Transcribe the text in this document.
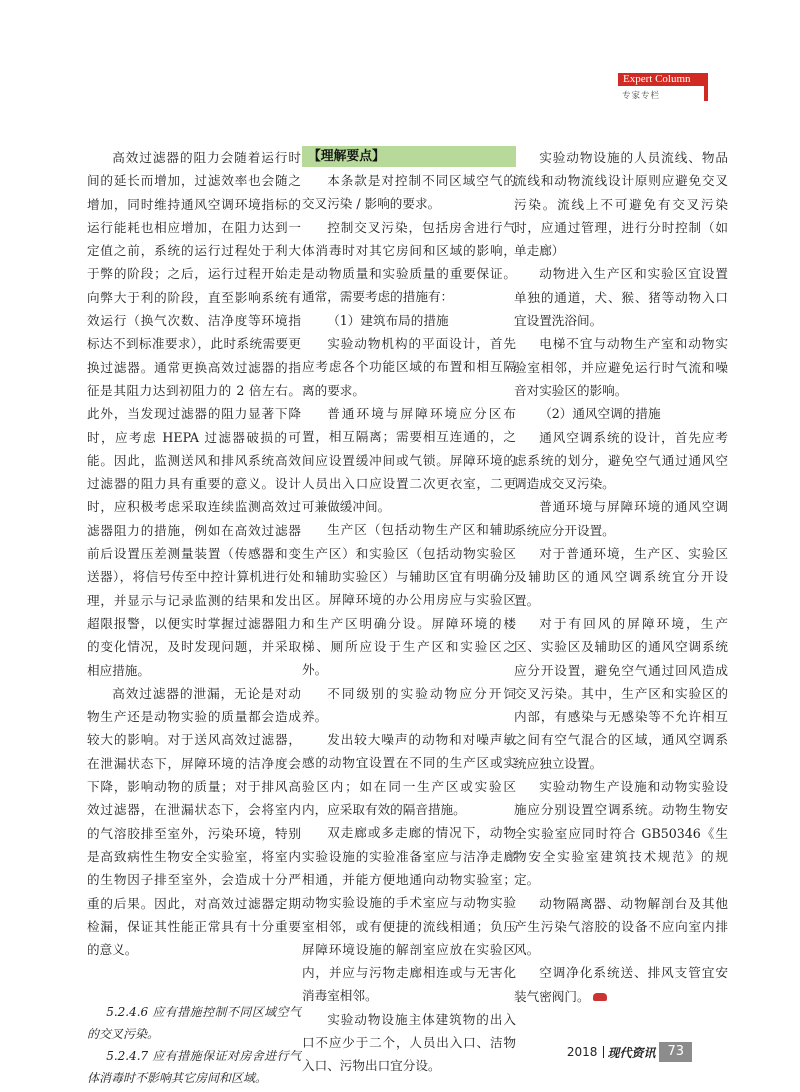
Expert Column
专家专栏

高效过滤器的阻力会随着运行时间的延长而增加，过滤效率也会随之增加，同时维持通风空调环境指标的运行能耗也相应增加，在阻力达到一定值之前，系统的运行过程处于利大于弊的阶段；之后，运行过程开始走向弊大于利的阶段，直至影响系统有效运行（换气次数、洁净度等环境指标达不到标准要求），此时系统需要更换过滤器。通常更换高效过滤器的指征是其阻力达到初阻力的 2 倍左右。此外，当发现过滤器的阻力显著下降时，应考虑 HEPA 过滤器破损的可能。因此，监测送风和排风系统高效过滤器的阻力具有重要的意义。设计时，应积极考虑采取连续监测高效过滤器阻力的措施，例如在高效过滤器前后设置压差测量装置（传感器和变送器），将信号传至中控计算机进行处理，并显示与记录监测的结果和发出超限报警，以便实时掌握过滤器阻力的变化情况，及时发现问题，并采取相应措施。

高效过滤器的泄漏，无论是对动物生产还是动物实验的质量都会造成较大的影响。对于送风高效过滤器，在泄漏状态下，屏障环境的洁净度会下降，影响动物的质量；对于排风高效过滤器，在泄漏状态下，会将室内的气溶胶排至室外，污染环境，特别是高致病性生物安全实验室，将室内的生物因子排至室外，会造成十分严重的后果。因此，对高效过滤器定期检漏，保证其性能正常具有十分重要的意义。

5.2.4.6 应有措施控制不同区域空气的交叉污染。

5.2.4.7 应有措施保证对房舍进行气体消毒时不影响其它房间和区域。

【理解要点】

本条款是对控制不同区域空气的交叉污染 / 影响的要求。

控制交叉污染，包括房舍进行气体消毒时对其它房间和区域的影响，是动物质量和实验质量的重要保证。通常，需要考虑的措施有：

（1）建筑布局的措施

实验动物机构的平面设计，首先应考虑各个功能区域的布置和相互隔离的要求。

普通环境与屏障环境应分区布置，相互隔离；需要相互连通的，之间应设置缓冲间或气锁。屏障环境的人员出入口应设置二次更衣室，二更可兼做缓冲间。

生产区（包括动物生产区和辅助生产区）和实验区（包括动物实验区和辅助实验区）与辅助区宜有明确分区。屏障环境的办公用房应与实验区和生产区明确分设。屏障环境的楼梯、厕所应设于生产区和实验区之外。

不同级别的实验动物应分开饲养。

发出较大噪声的动物和对噪声敏感的动物宜设置在不同的生产区或实验区内；如在同一生产区或实验区内，应采取有效的隔音措施。

双走廊或多走廊的情况下，动物实验设施的实验准备室应与洁净走廊相通，并能方便地通向动物实验室；动物实验设施的手术室应与动物实验室相邻，或有便捷的流线相通；负压屏障环境设施的解剖室应放在实验区内，并应与污物走廊相连或与无害化消毒室相邻。

实验动物设施主体建筑物的出入口不应少于二个，人员出入口、洁物入口、污物出口宜分设。

实验动物设施的人员流线、物品流线和动物流线设计原则应避免交叉污染。流线上不可避免有交叉污染时，应通过管理，进行分时控制（如单走廊）

动物进入生产区和实验区宜设置单独的通道，犬、猴、猪等动物入口宜设置洗浴间。

电梯不宜与动物生产室和动物实验室相邻，并应避免运行时气流和噪音对实验区的影响。

（2）通风空调的措施

通风空调系统的设计，首先应考虑系统的划分，避免空气通过通风空调造成交叉污染。

普通环境与屏障环境的通风空调系统应分开设置。

对于普通环境，生产区、实验区及辅助区的通风空调系统宜分开设置。

对于有回风的屏障环境，生产区、实验区及辅助区的通风空调系统应分开设置，避免空气通过回风造成交叉污染。其中，生产区和实验区的内部，有感染与无感染等不允许相互之间有空气混合的区域，通风空调系统应独立设置。

实验动物生产设施和动物实验设施应分别设置空调系统。动物生物安全实验室应同时符合 GB50346《生物安全实验室建筑技术规范》的规定。

动物隔离器、动物解剖台及其他产生污染气溶胶的设备不应向室内排风。

空调净化系统送、排风支管宜安装气密阀门。

2018 现代资讯 73
